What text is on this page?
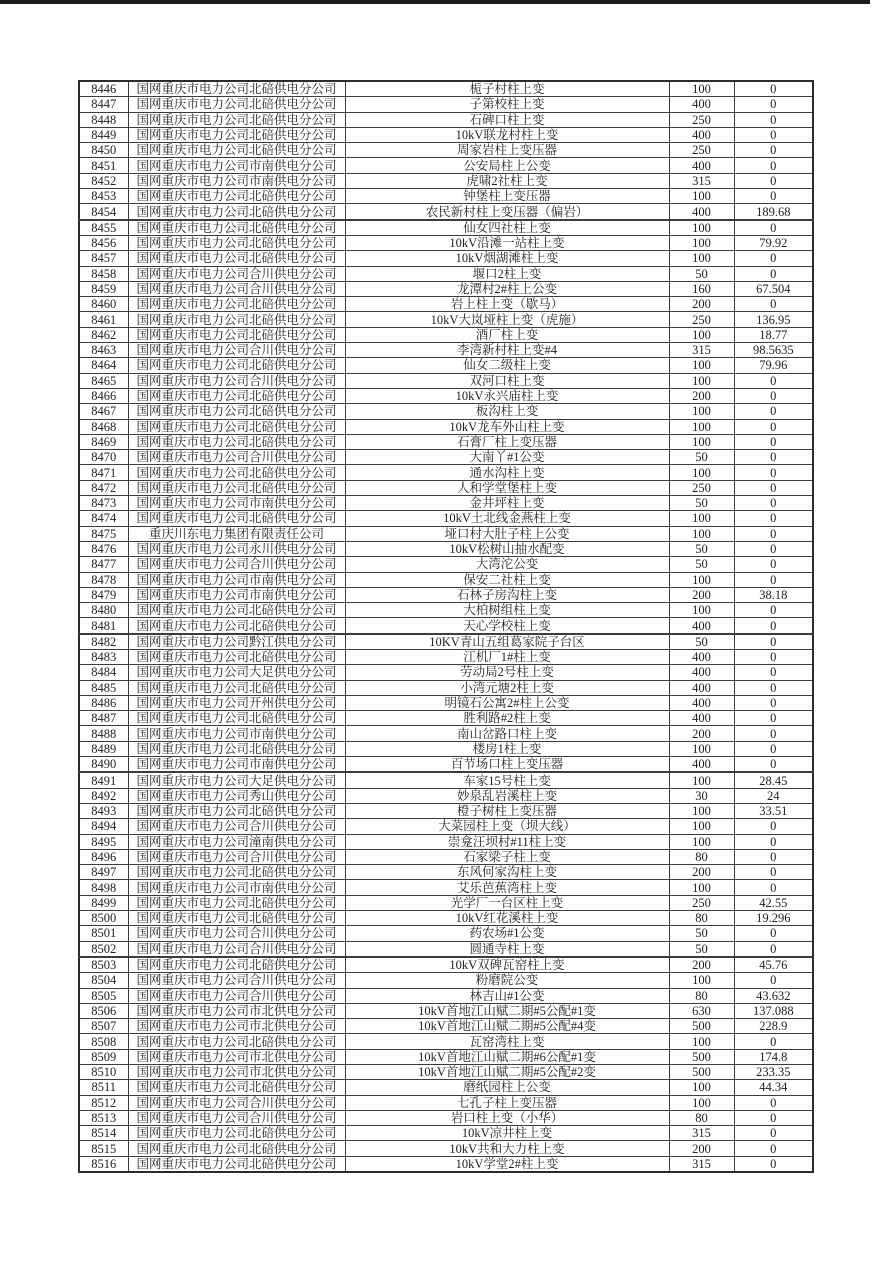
8446	国网重庆市电力公司北碚供电分公司	栀子村柱上变	100	0
8447	国网重庆市电力公司北碚供电分公司	子第校柱上变	400	0
8448	国网重庆市电力公司北碚供电分公司	石碑口柱上变	250	0
8449	国网重庆市电力公司北碚供电分公司	10kV联龙村柱上变	400	0
8450	国网重庆市电力公司北碚供电分公司	周家岩柱上变压器	250	0
8451	国网重庆市电力公司市南供电分公司	公安局柱上公变	400	0
8452	国网重庆市电力公司市南供电分公司	虎啸2社柱上变	315	0
8453	国网重庆市电力公司北碚供电分公司	钟堡柱上变压器	100	0
8454	国网重庆市电力公司北碚供电分公司	农民新村柱上变压器（偏岩）	400	189.68
8455	国网重庆市电力公司北碚供电分公司	仙女四社柱上变	100	0
8456	国网重庆市电力公司北碚供电分公司	10kV沿滩一站柱上变	100	79.92
8457	国网重庆市电力公司北碚供电分公司	10kV烟湖滩柱上变	100	0
8458	国网重庆市电力公司合川供电分公司	堰口2柱上变	50	0
8459	国网重庆市电力公司合川供电分公司	龙潭村2#柱上公变	160	67.504
8460	国网重庆市电力公司北碚供电分公司	岩上柱上变（歇马）	200	0
8461	国网重庆市电力公司北碚供电分公司	10kV大岚垭柱上变（虎施）	250	136.95
8462	国网重庆市电力公司北碚供电分公司	酒厂柱上变	100	18.77
8463	国网重庆市电力公司合川供电分公司	李湾新村柱上变#4	315	98.5635
8464	国网重庆市电力公司北碚供电分公司	仙女二级柱上变	100	79.96
8465	国网重庆市电力公司合川供电分公司	双河口柱上变	100	0
8466	国网重庆市电力公司北碚供电分公司	10kV永兴庙柱上变	200	0
8467	国网重庆市电力公司北碚供电分公司	板沟柱上变	100	0
8468	国网重庆市电力公司北碚供电分公司	10kV龙车外山柱上变	100	0
8469	国网重庆市电力公司北碚供电分公司	石膏厂柱上变压器	100	0
8470	国网重庆市电力公司合川供电分公司	大南丫#1公变	50	0
8471	国网重庆市电力公司北碚供电分公司	通水沟柱上变	100	0
8472	国网重庆市电力公司北碚供电分公司	人和学堂堡柱上变	250	0
8473	国网重庆市电力公司市南供电分公司	金井坪柱上变	50	0
8474	国网重庆市电力公司北碚供电分公司	10kV土北线金燕柱上变	100	0
8475	重庆川东电力集团有限责任公司	垭口村大肚子柱上公变	100	0
8476	国网重庆市电力公司永川供电分公司	10kV松树山抽水配变	50	0
8477	国网重庆市电力公司合川供电分公司	大湾沱公变	50	0
8478	国网重庆市电力公司市南供电分公司	保安二社柱上变	100	0
8479	国网重庆市电力公司市南供电分公司	石林子房沟柱上变	200	38.18
8480	国网重庆市电力公司北碚供电分公司	大柏树组柱上变	100	0
8481	国网重庆市电力公司北碚供电分公司	天心学校柱上变	400	0
8482	国网重庆市电力公司黔江供电分公司	10KV青山五组葛家院子台区	50	0
8483	国网重庆市电力公司北碚供电分公司	江机厂1#柱上变	400	0
8484	国网重庆市电力公司大足供电分公司	劳动局2号柱上变	400	0
8485	国网重庆市电力公司北碚供电分公司	小湾元塘2柱上变	400	0
8486	国网重庆市电力公司开州供电分公司	明镜石公寓2#柱上公变	400	0
8487	国网重庆市电力公司北碚供电分公司	胜利路#2柱上变	400	0
8488	国网重庆市电力公司市南供电分公司	南山岔路口柱上变	200	0
8489	国网重庆市电力公司北碚供电分公司	楼房1柱上变	100	0
8490	国网重庆市电力公司市南供电分公司	百节场口柱上变压器	400	0
8491	国网重庆市电力公司大足供电分公司	车家15号柱上变	100	28.45
8492	国网重庆市电力公司秀山供电分公司	妙泉乱岩溪柱上变	30	24
8493	国网重庆市电力公司北碚供电分公司	橙子树柱上变压器	100	33.51
8494	国网重庆市电力公司合川供电分公司	大菜园柱上变（坝大线）	100	0
8495	国网重庆市电力公司潼南供电分公司	崇龛汪坝村#11柱上变	100	0
8496	国网重庆市电力公司合川供电分公司	石家梁子柱上变	80	0
8497	国网重庆市电力公司北碚供电分公司	东风何家沟柱上变	200	0
8498	国网重庆市电力公司市南供电分公司	艾乐芭蕉湾柱上变	100	0
8499	国网重庆市电力公司北碚供电分公司	光学厂一台区柱上变	250	42.55
8500	国网重庆市电力公司北碚供电分公司	10kV红花溪柱上变	80	19.296
8501	国网重庆市电力公司合川供电分公司	药农场#1公变	50	0
8502	国网重庆市电力公司合川供电分公司	圆通寺柱上变	50	0
8503	国网重庆市电力公司北碚供电分公司	10kV双碑瓦窑柱上变	200	45.76
8504	国网重庆市电力公司合川供电分公司	粉磨院公变	100	0
8505	国网重庆市电力公司合川供电分公司	林吉山#1公变	80	43.632
8506	国网重庆市电力公司市北供电分公司	10kV首地江山赋二期#5公配#1变	630	137.088
8507	国网重庆市电力公司市北供电分公司	10kV首地江山赋二期#5公配#4变	500	228.9
8508	国网重庆市电力公司北碚供电分公司	瓦窑湾柱上变	100	0
8509	国网重庆市电力公司市北供电分公司	10kV首地江山赋二期#6公配#1变	500	174.8
8510	国网重庆市电力公司市北供电分公司	10kV首地江山赋二期#5公配#2变	500	233.35
8511	国网重庆市电力公司北碚供电分公司	磨纸园柱上公变	100	44.34
8512	国网重庆市电力公司合川供电分公司	七孔子柱上变压器	100	0
8513	国网重庆市电力公司合川供电分公司	岩口柱上变（小华）	80	0
8514	国网重庆市电力公司北碚供电分公司	10kV凉井柱上变	315	0
8515	国网重庆市电力公司北碚供电分公司	10kV共和大力柱上变	200	0
8516	国网重庆市电力公司北碚供电分公司	10kV学堂2#柱上变	315	0
